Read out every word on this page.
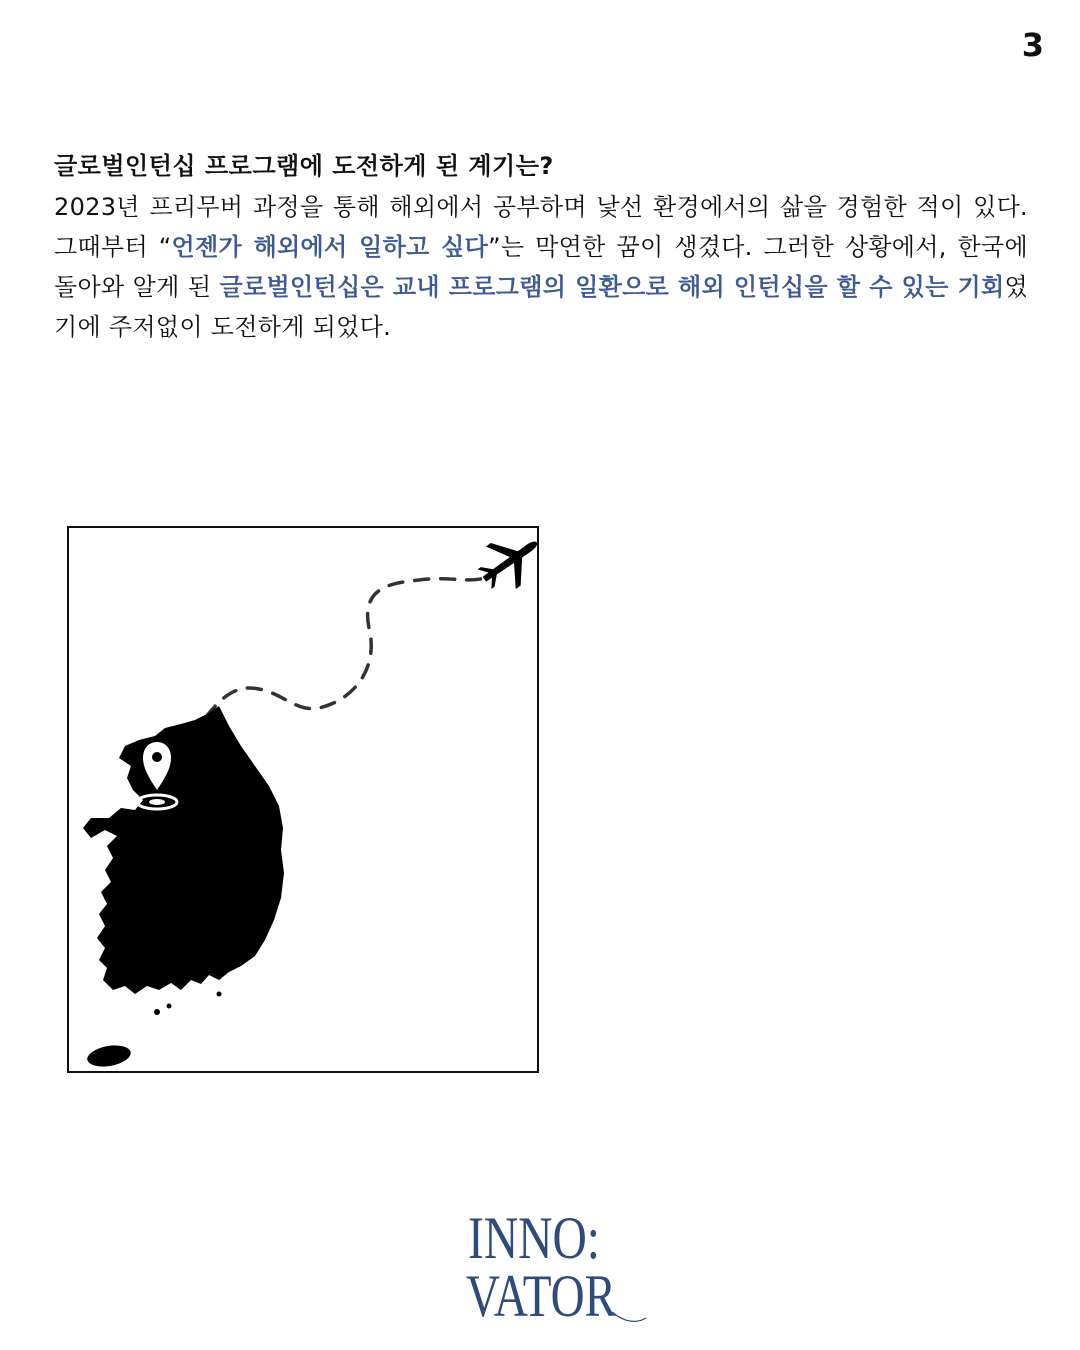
3

글로벌인턴십 프로그램에 도전하게 된 계기는?

2023년 프리무버 과정을 통해 해외에서 공부하며 낯선 환경에서의 삶을 경험한 적이 있다. 그때부터 “언젠가 해외에서 일하고 싶다”는 막연한 꿈이 생겼다. 그러한 상황에서, 한국에 돌아와 알게 된 글로벌인턴십은 교내 프로그램의 일환으로 해외 인턴십을 할 수 있는 기회였기에 주저없이 도전하게 되었다.

INNO:
VATOR
